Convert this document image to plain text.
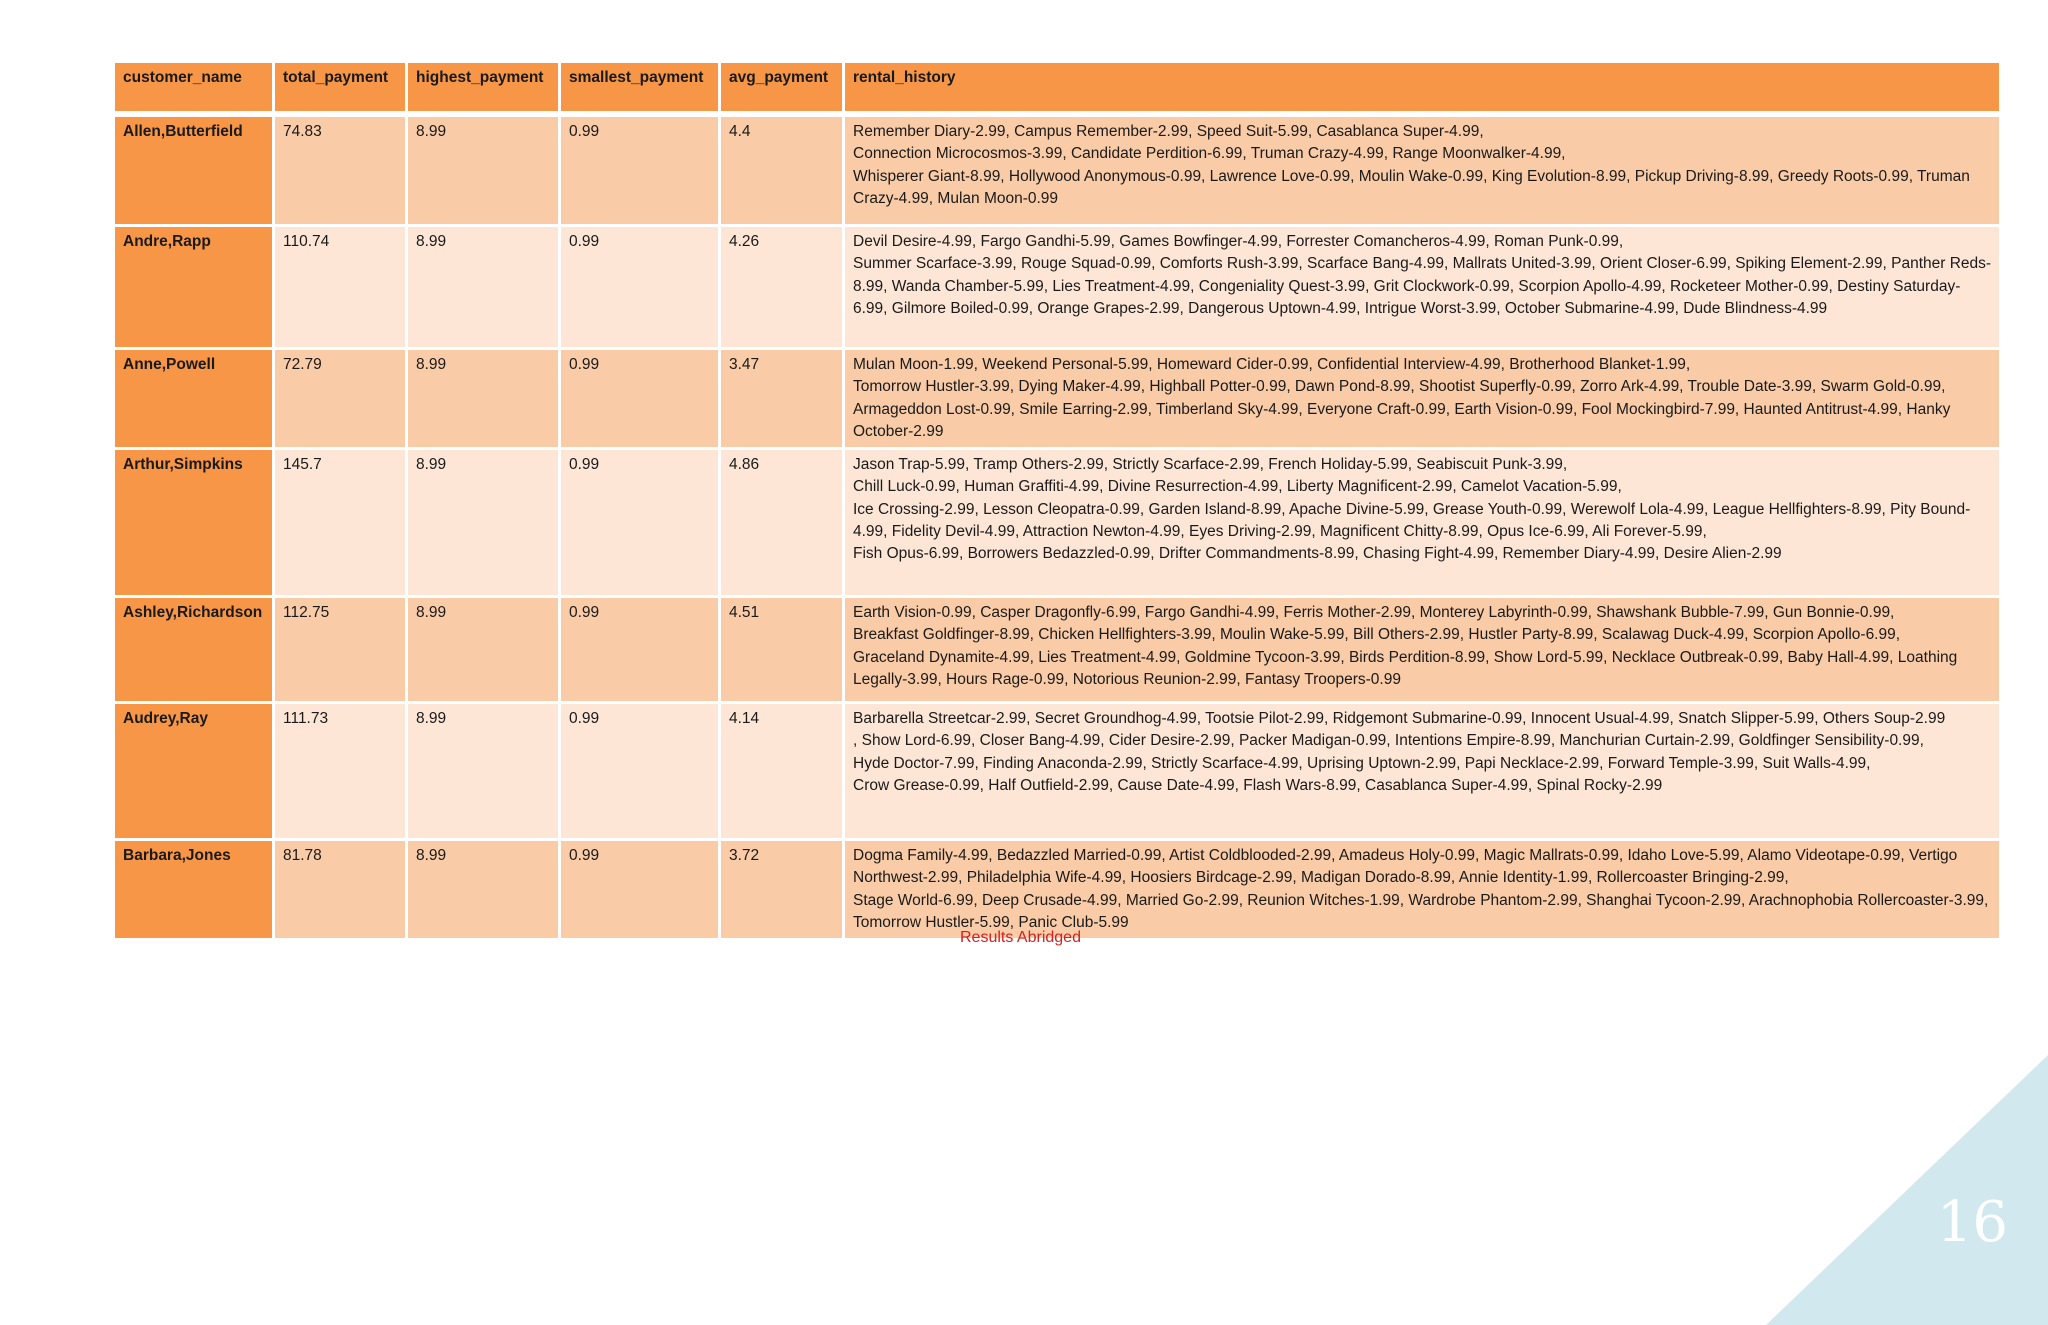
16
customer_name	total_payment	highest_payment	smallest_payment	avg_payment	rental_history
Allen,Butterfield	74.83	8.99	0.99	4.4	Remember Diary-2.99, Campus Remember-2.99, Speed Suit-5.99, Casablanca Super-4.99,
Connection Microcosmos-3.99, Candidate Perdition-6.99, Truman Crazy-4.99, Range Moonwalker-4.99,
Whisperer Giant-8.99, Hollywood Anonymous-0.99, Lawrence Love-0.99, Moulin Wake-0.99, King Evolution-8.99, Pickup Driving-8.99, Greedy Roots-0.99, Truman Crazy-4.99, Mulan Moon-0.99
Andre,Rapp	110.74	8.99	0.99	4.26	Devil Desire-4.99, Fargo Gandhi-5.99, Games Bowfinger-4.99, Forrester Comancheros-4.99, Roman Punk-0.99,
Summer Scarface-3.99, Rouge Squad-0.99, Comforts Rush-3.99, Scarface Bang-4.99, Mallrats United-3.99, Orient Closer-6.99, Spiking Element-2.99, Panther Reds-8.99, Wanda Chamber-5.99, Lies Treatment-4.99, Congeniality Quest-3.99, Grit Clockwork-0.99, Scorpion Apollo-4.99, Rocketeer Mother-0.99, Destiny Saturday-6.99, Gilmore Boiled-0.99, Orange Grapes-2.99, Dangerous Uptown-4.99, Intrigue Worst-3.99, October Submarine-4.99, Dude Blindness-4.99
Anne,Powell	72.79	8.99	0.99	3.47	Mulan Moon-1.99, Weekend Personal-5.99, Homeward Cider-0.99, Confidential Interview-4.99, Brotherhood Blanket-1.99,
Tomorrow Hustler-3.99, Dying Maker-4.99, Highball Potter-0.99, Dawn Pond-8.99, Shootist Superfly-0.99, Zorro Ark-4.99, Trouble Date-3.99, Swarm Gold-0.99, Armageddon Lost-0.99, Smile Earring-2.99, Timberland Sky-4.99, Everyone Craft-0.99, Earth Vision-0.99, Fool Mockingbird-7.99, Haunted Antitrust-4.99, Hanky October-2.99
Arthur,Simpkins	145.7	8.99	0.99	4.86	Jason Trap-5.99, Tramp Others-2.99, Strictly Scarface-2.99, French Holiday-5.99, Seabiscuit Punk-3.99,
Chill Luck-0.99, Human Graffiti-4.99, Divine Resurrection-4.99, Liberty Magnificent-2.99, Camelot Vacation-5.99,
Ice Crossing-2.99, Lesson Cleopatra-0.99, Garden Island-8.99, Apache Divine-5.99, Grease Youth-0.99, Werewolf Lola-4.99, League Hellfighters-8.99, Pity Bound-4.99, Fidelity Devil-4.99, Attraction Newton-4.99, Eyes Driving-2.99, Magnificent Chitty-8.99, Opus Ice-6.99, Ali Forever-5.99,
Fish Opus-6.99, Borrowers Bedazzled-0.99, Drifter Commandments-8.99, Chasing Fight-4.99, Remember Diary-4.99, Desire Alien-2.99
Ashley,Richardson	112.75	8.99	0.99	4.51	Earth Vision-0.99, Casper Dragonfly-6.99, Fargo Gandhi-4.99, Ferris Mother-2.99, Monterey Labyrinth-0.99, Shawshank Bubble-7.99, Gun Bonnie-0.99,
Breakfast Goldfinger-8.99, Chicken Hellfighters-3.99, Moulin Wake-5.99, Bill Others-2.99, Hustler Party-8.99, Scalawag Duck-4.99, Scorpion Apollo-6.99,
Graceland Dynamite-4.99, Lies Treatment-4.99, Goldmine Tycoon-3.99, Birds Perdition-8.99, Show Lord-5.99, Necklace Outbreak-0.99, Baby Hall-4.99, Loathing Legally-3.99, Hours Rage-0.99, Notorious Reunion-2.99, Fantasy Troopers-0.99
Audrey,Ray	111.73	8.99	0.99	4.14	Barbarella Streetcar-2.99, Secret Groundhog-4.99, Tootsie Pilot-2.99, Ridgemont Submarine-0.99, Innocent Usual-4.99, Snatch Slipper-5.99, Others Soup-2.99
, Show Lord-6.99, Closer Bang-4.99, Cider Desire-2.99, Packer Madigan-0.99, Intentions Empire-8.99, Manchurian Curtain-2.99, Goldfinger Sensibility-0.99,
Hyde Doctor-7.99, Finding Anaconda-2.99, Strictly Scarface-4.99, Uprising Uptown-2.99, Papi Necklace-2.99, Forward Temple-3.99, Suit Walls-4.99,
Crow Grease-0.99, Half Outfield-2.99, Cause Date-4.99, Flash Wars-8.99, Casablanca Super-4.99, Spinal Rocky-2.99
Barbara,Jones	81.78	8.99	0.99	3.72	Dogma Family-4.99, Bedazzled Married-0.99, Artist Coldblooded-2.99, Amadeus Holy-0.99, Magic Mallrats-0.99, Idaho Love-5.99, Alamo Videotape-0.99, Vertigo Northwest-2.99, Philadelphia Wife-4.99, Hoosiers Birdcage-2.99, Madigan Dorado-8.99, Annie Identity-1.99, Rollercoaster Bringing-2.99,
Stage World-6.99, Deep Crusade-4.99, Married Go-2.99, Reunion Witches-1.99, Wardrobe Phantom-2.99, Shanghai Tycoon-2.99, Arachnophobia Rollercoaster-3.99, Tomorrow Hustler-5.99, Panic Club-5.99
Results Abridged
